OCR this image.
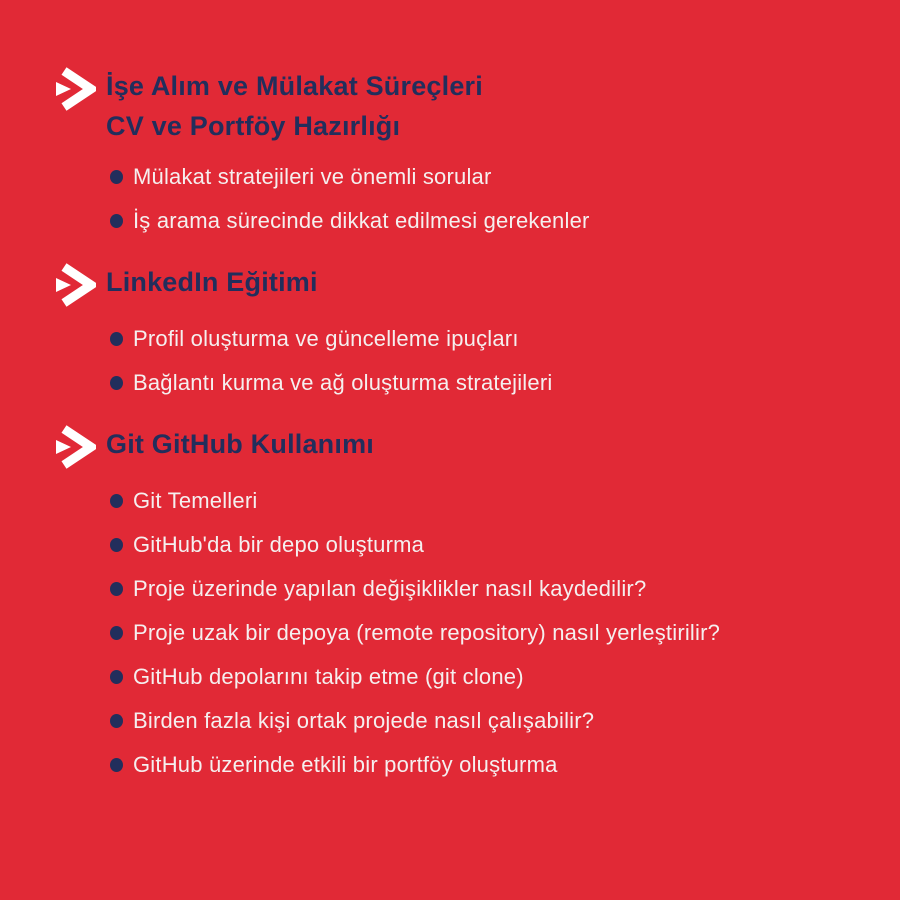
İşe Alım ve Mülakat Süreçleri
CV ve Portföy Hazırlığı
Mülakat stratejileri ve önemli sorular
İş arama sürecinde dikkat edilmesi gerekenler
LinkedIn Eğitimi
Profil oluşturma ve güncelleme ipuçları
Bağlantı kurma ve ağ oluşturma stratejileri
Git GitHub Kullanımı
Git Temelleri
GitHub'da bir depo oluşturma
Proje üzerinde yapılan değişiklikler nasıl kaydedilir?
Proje uzak bir depoya (remote repository) nasıl yerleştirilir?
GitHub depolarını takip etme (git clone)
Birden fazla kişi ortak projede nasıl çalışabilir?
GitHub üzerinde etkili bir portföy oluşturma
